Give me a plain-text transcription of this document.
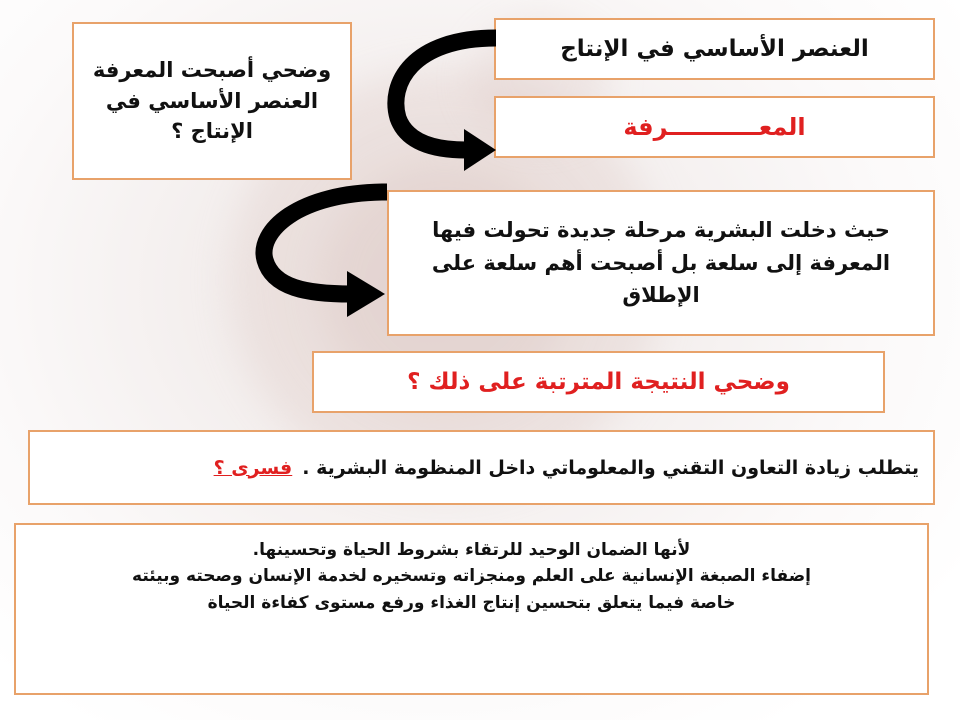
وضحي أصبحت المعرفة العنصر الأساسي في الإنتاج ؟
العنصر الأساسي في الإنتاج
المعـــــــــــرفة
حيث دخلت البشرية مرحلة جديدة تحولت فيها المعرفة إلى سلعة بل أصبحت أهم سلعة على الإطلاق
وضحي النتيجة المترتبة على ذلك ؟
يتطلب زيادة التعاون التقني والمعلوماتي داخل المنظومة البشرية .
فسرى ؟
لأنها الضمان الوحيد للرتقاء بشروط الحياة وتحسينها.
إضفاء الصبغة الإنسانية على العلم ومنجزاته وتسخيره لخدمة الإنسان وصحته وبيئته
خاصة فيما يتعلق بتحسين إنتاج الغذاء ورفع مستوى كفاءة الحياة
